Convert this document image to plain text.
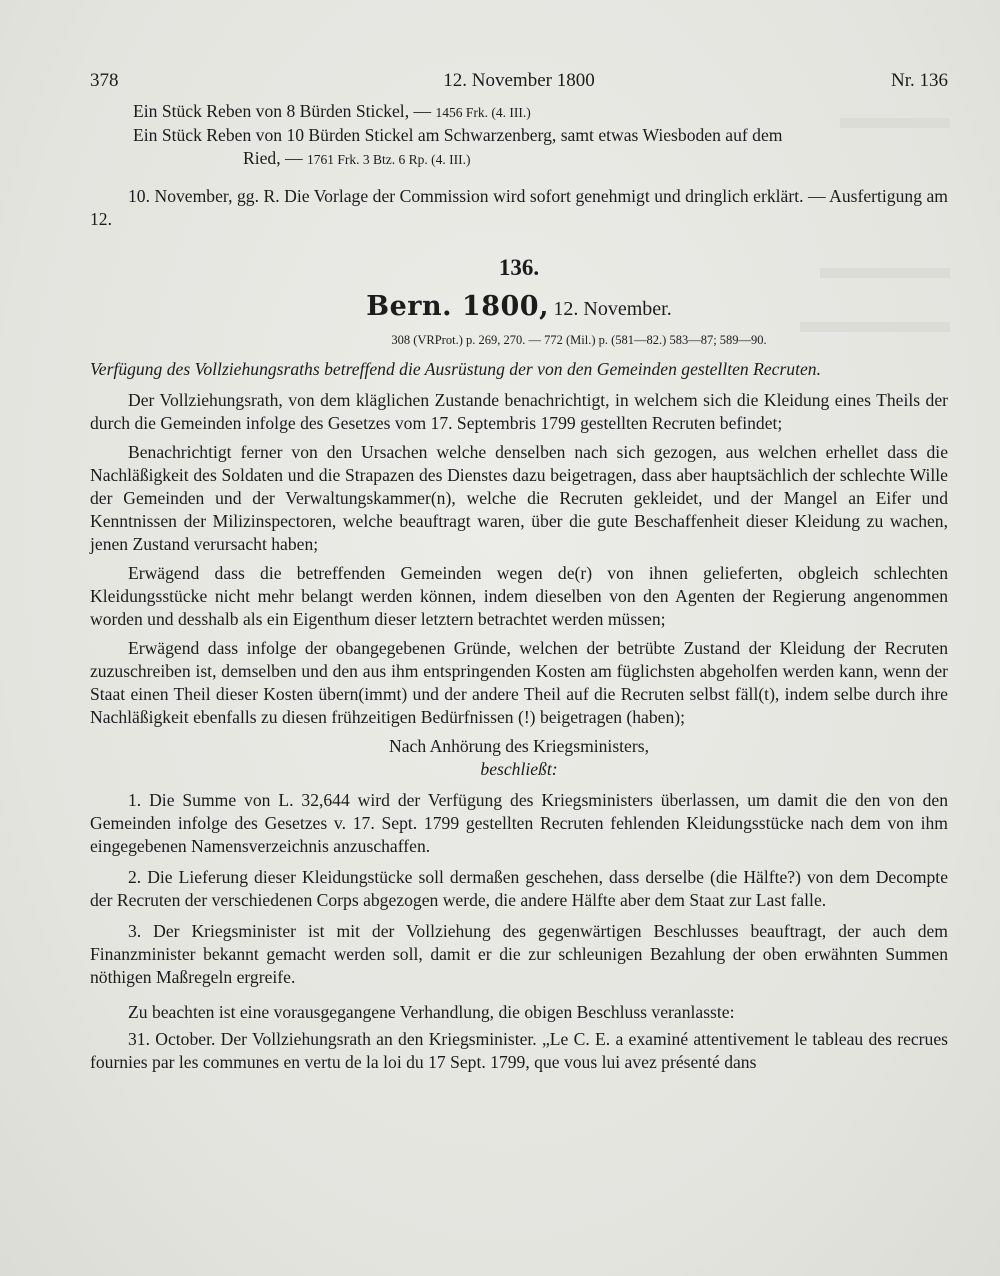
378	12. November 1800	Nr. 136
Ein Stück Reben von 8 Bürden Stickel, — 1456 Frk. (4. III.)
Ein Stück Reben von 10 Bürden Stickel am Schwarzenberg, samt etwas Wiesboden auf dem
Ried, — 1761 Frk. 3 Btz. 6 Rp. (4. III.)

10. November, gg. R. Die Vorlage der Commission wird sofort genehmigt und dringlich erklärt. — Ausfertigung am 12.

136.
Bern. 1800, 12. November.
308 (VRProt.) p. 269, 270. — 772 (Mil.) p. (581—82.) 583—87; 589—90.

Verfügung des Vollziehungsraths betreffend die Ausrüstung der von den Gemeinden gestellten Recruten.

Der Vollziehungsrath, von dem kläglichen Zustande benachrichtigt, in welchem sich die Kleidung eines Theils der durch die Gemeinden infolge des Gesetzes vom 17. Septembris 1799 gestellten Recruten befindet;

Benachrichtigt ferner von den Ursachen welche denselben nach sich gezogen, aus welchen erhellet dass die Nachläßigkeit des Soldaten und die Strapazen des Dienstes dazu beigetragen, dass aber hauptsächlich der schlechte Wille der Gemeinden und der Verwaltungskammer(n), welche die Recruten gekleidet, und der Mangel an Eifer und Kenntnissen der Milizinspectoren, welche beauftragt waren, über die gute Beschaffenheit dieser Kleidung zu wachen, jenen Zustand verursacht haben;

Erwägend dass die betreffenden Gemeinden wegen de(r) von ihnen gelieferten, obgleich schlechten Kleidungsstücke nicht mehr belangt werden können, indem dieselben von den Agenten der Regierung angenommen worden und desshalb als ein Eigenthum dieser letztern betrachtet werden müssen;

Erwägend dass infolge der obangegebenen Gründe, welchen der betrübte Zustand der Kleidung der Recruten zuzuschreiben ist, demselben und den aus ihm entspringenden Kosten am füglichsten abgeholfen werden kann, wenn der Staat einen Theil dieser Kosten übern(immt) und der andere Theil auf die Recruten selbst fäll(t), indem selbe durch ihre Nachläßigkeit ebenfalls zu diesen frühzeitigen Bedürfnissen (!) beigetragen (haben);

Nach Anhörung des Kriegsministers,

beschließt:

1. Die Summe von L. 32,644 wird der Verfügung des Kriegsministers überlassen, um damit die den von den Gemeinden infolge des Gesetzes v. 17. Sept. 1799 gestellten Recruten fehlenden Kleidungsstücke nach dem von ihm eingegebenen Namensverzeichnis anzuschaffen.

2. Die Lieferung dieser Kleidungstücke soll dermaßen geschehen, dass derselbe (die Hälfte?) von dem Decompte der Recruten der verschiedenen Corps abgezogen werde, die andere Hälfte aber dem Staat zur Last falle.

3. Der Kriegsminister ist mit der Vollziehung des gegenwärtigen Beschlusses beauftragt, der auch dem Finanzminister bekannt gemacht werden soll, damit er die zur schleunigen Bezahlung der oben erwähnten Summen nöthigen Maßregeln ergreife.

Zu beachten ist eine vorausgegangene Verhandlung, die obigen Beschluss veranlasste:

31. October. Der Vollziehungsrath an den Kriegsminister. „Le C. E. a examiné attentivement le tableau des recrues fournies par les communes en vertu de la loi du 17 Sept. 1799, que vous lui avez présenté dans
